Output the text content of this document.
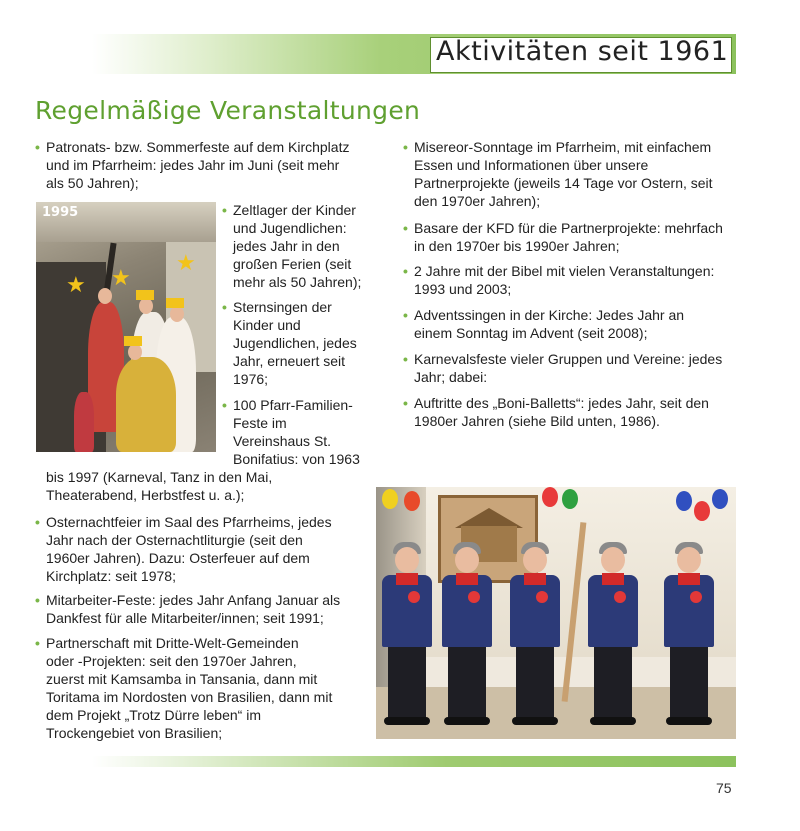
Aktivitäten seit 1961
Regelmäßige Veranstaltungen
• Patronats- bzw. Sommerfeste auf dem Kirchplatz
und im Pfarrheim: jedes Jahr im Juni (seit mehr
als 50 Jahren);
★ ★
★
1995	• Zeltlager der Kinder
und Jugendlichen:
jedes Jahr in den
großen Ferien (seit
mehr als 50 Jahren);
• Sternsingen der
Kinder und
Jugendlichen, jedes
Jahr, erneuert seit
1976;
• 100 Pfarr-Familien-
Feste im
Vereinshaus St.
Bonifatius: von 1963
bis 1997 (Karneval, Tanz in den Mai,
Theaterabend, Herbstfest u. a.);
• Osternachtfeier im Saal des Pfarrheims, jedes
Jahr nach der Osternachtliturgie (seit den
1960er Jahren). Dazu: Osterfeuer auf dem
Kirchplatz: seit 1978;
• Mitarbeiter-Feste: jedes Jahr Anfang Januar als
Dankfest für alle Mitarbeiter/innen; seit 1991;
• Partnerschaft mit Dritte-Welt-Gemeinden
oder -Projekten: seit den 1970er Jahren,
zuerst mit Kamsamba in Tansania, dann mit
Toritama im Nordosten von Brasilien, dann mit
dem Projekt „Trotz Dürre leben“ im
Trockengebiet von Brasilien;
• Misereor-Sonntage im Pfarrheim, mit einfachem
Essen und Informationen über unsere
Partnerprojekte (jeweils 14 Tage vor Ostern, seit
den 1970er Jahren);
• Basare der KFD für die Partnerprojekte: mehrfach
in den 1970er bis 1990er Jahren;
• 2 Jahre mit der Bibel mit vielen Veranstaltungen:
1993 und 2003;
• Adventssingen in der Kirche: Jedes Jahr an
einem Sonntag im Advent (seit 2008);
• Karnevalsfeste vieler Gruppen und Vereine: jedes
Jahr; dabei:
• Auftritte des „Boni-Balletts“: jedes Jahr, seit den
1980er Jahren (siehe Bild unten, 1986).
75
